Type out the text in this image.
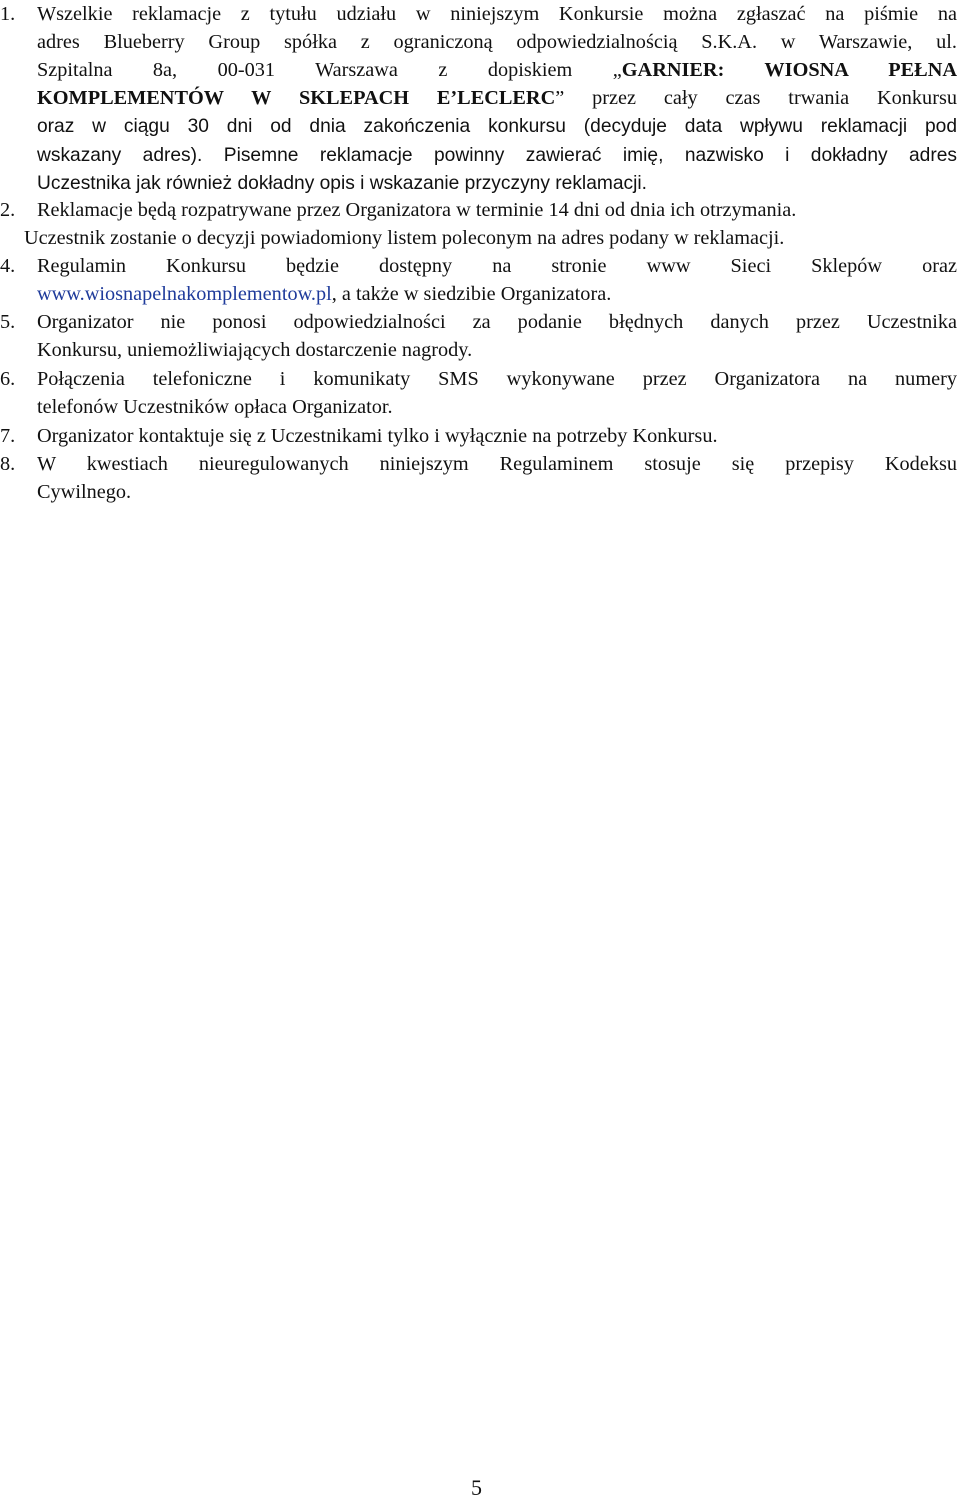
1. Wszelkie reklamacje z tytułu udziału w niniejszym Konkursie można zgłaszać na piśmie na
adres Blueberry Group spółka z ograniczoną odpowiedzialnością S.K.A. w Warszawie, ul.
Szpitalna 8a, 00-031 Warszawa z dopiskiem „GARNIER: WIOSNA PEŁNA
KOMPLEMENTÓW W SKLEPACH E’LECLERC” przez cały czas trwania Konkursu
oraz w ciągu 30 dni od dnia zakończenia konkursu (decyduje data wpływu reklamacji pod
wskazany adres). Pisemne reklamacje powinny zawierać imię, nazwisko i dokładny adres
Uczestnika jak również dokładny opis i wskazanie przyczyny reklamacji.
2. Reklamacje będą rozpatrywane przez Organizatora w terminie 14 dni od dnia ich otrzymania.
Uczestnik zostanie o decyzji powiadomiony listem poleconym na adres podany w reklamacji.
4. Regulamin Konkursu będzie dostępny na stronie www Sieci Sklepów oraz
www.wiosnapelnakomplementow.pl, a także w siedzibie Organizatora.
5. Organizator nie ponosi odpowiedzialności za podanie błędnych danych przez Uczestnika
Konkursu, uniemożliwiających dostarczenie nagrody.
6. Połączenia telefoniczne i komunikaty SMS wykonywane przez Organizatora na numery
telefonów Uczestników opłaca Organizator.
7. Organizator kontaktuje się z Uczestnikami tylko i wyłącznie na potrzeby Konkursu.
8. W kwestiach nieuregulowanych niniejszym Regulaminem stosuje się przepisy Kodeksu
Cywilnego.
5
